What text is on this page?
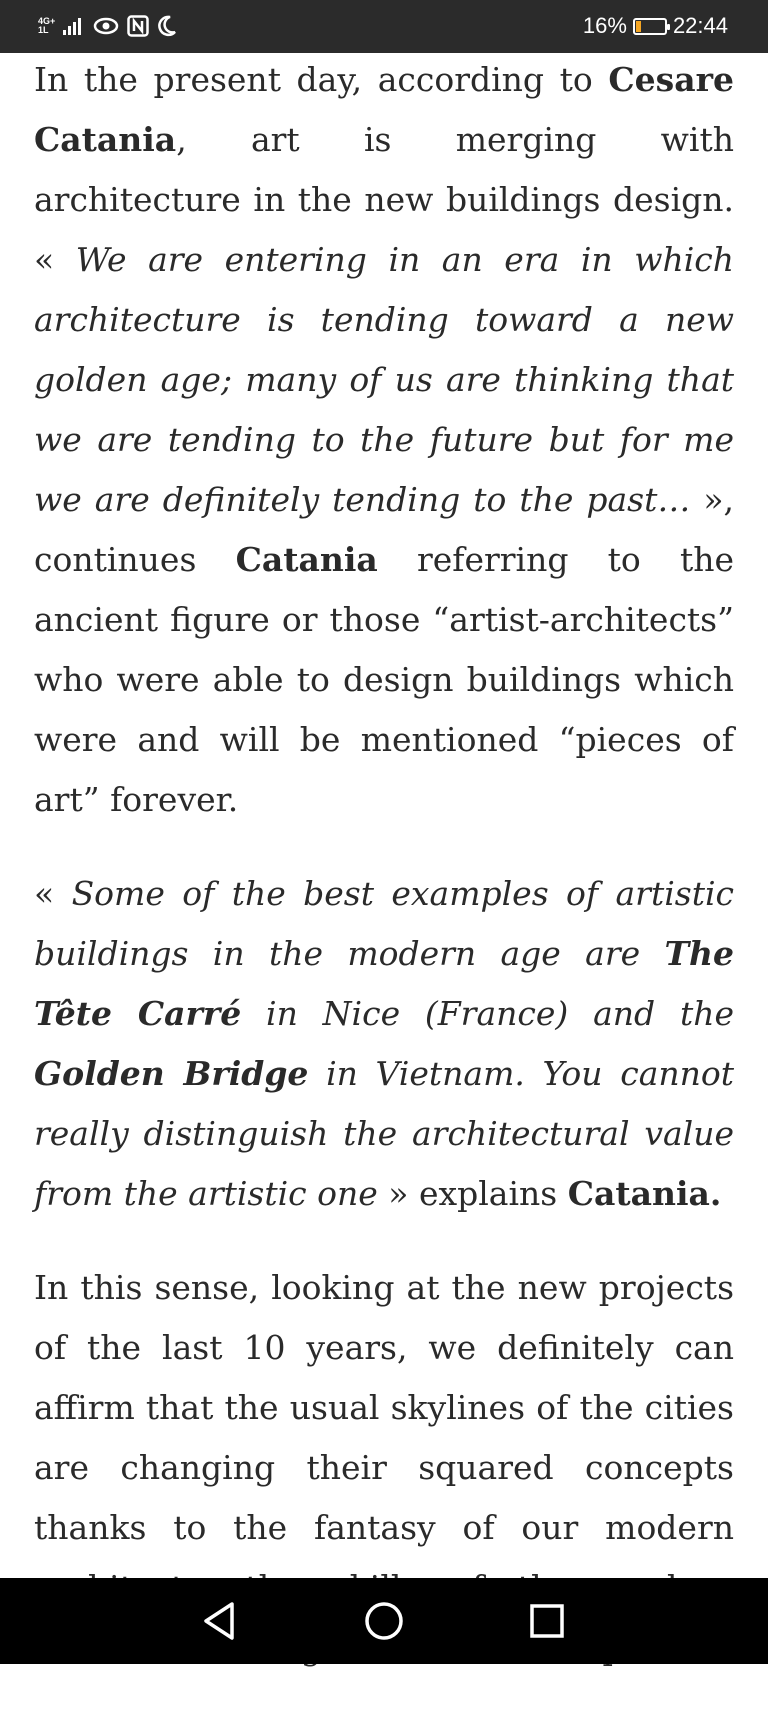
4G+
1L	16% 22:44

In the present day, according to Cesare Catania, art is merging with architecture in the new buildings design. « We are entering in an era in which architecture is tending toward a new golden age; many of us are thinking that we are tending to the future but for me we are definitely tending to the past… », continues Catania referring to the ancient figure or those “artist-architects” who were able to design buildings which were and will be mentioned “pieces of art” forever.

« Some of the best examples of artistic buildings in the modern age are The Tête Carré in Nice (France) and the Golden Bridge in Vietnam. You cannot really distinguish the architectural value from the artistic one » explains Catania.

In this sense, looking at the new projects of the last 10 years, we definitely can affirm that the usual skylines of the cities are changing their squared concepts thanks to the fantasy of our modern
